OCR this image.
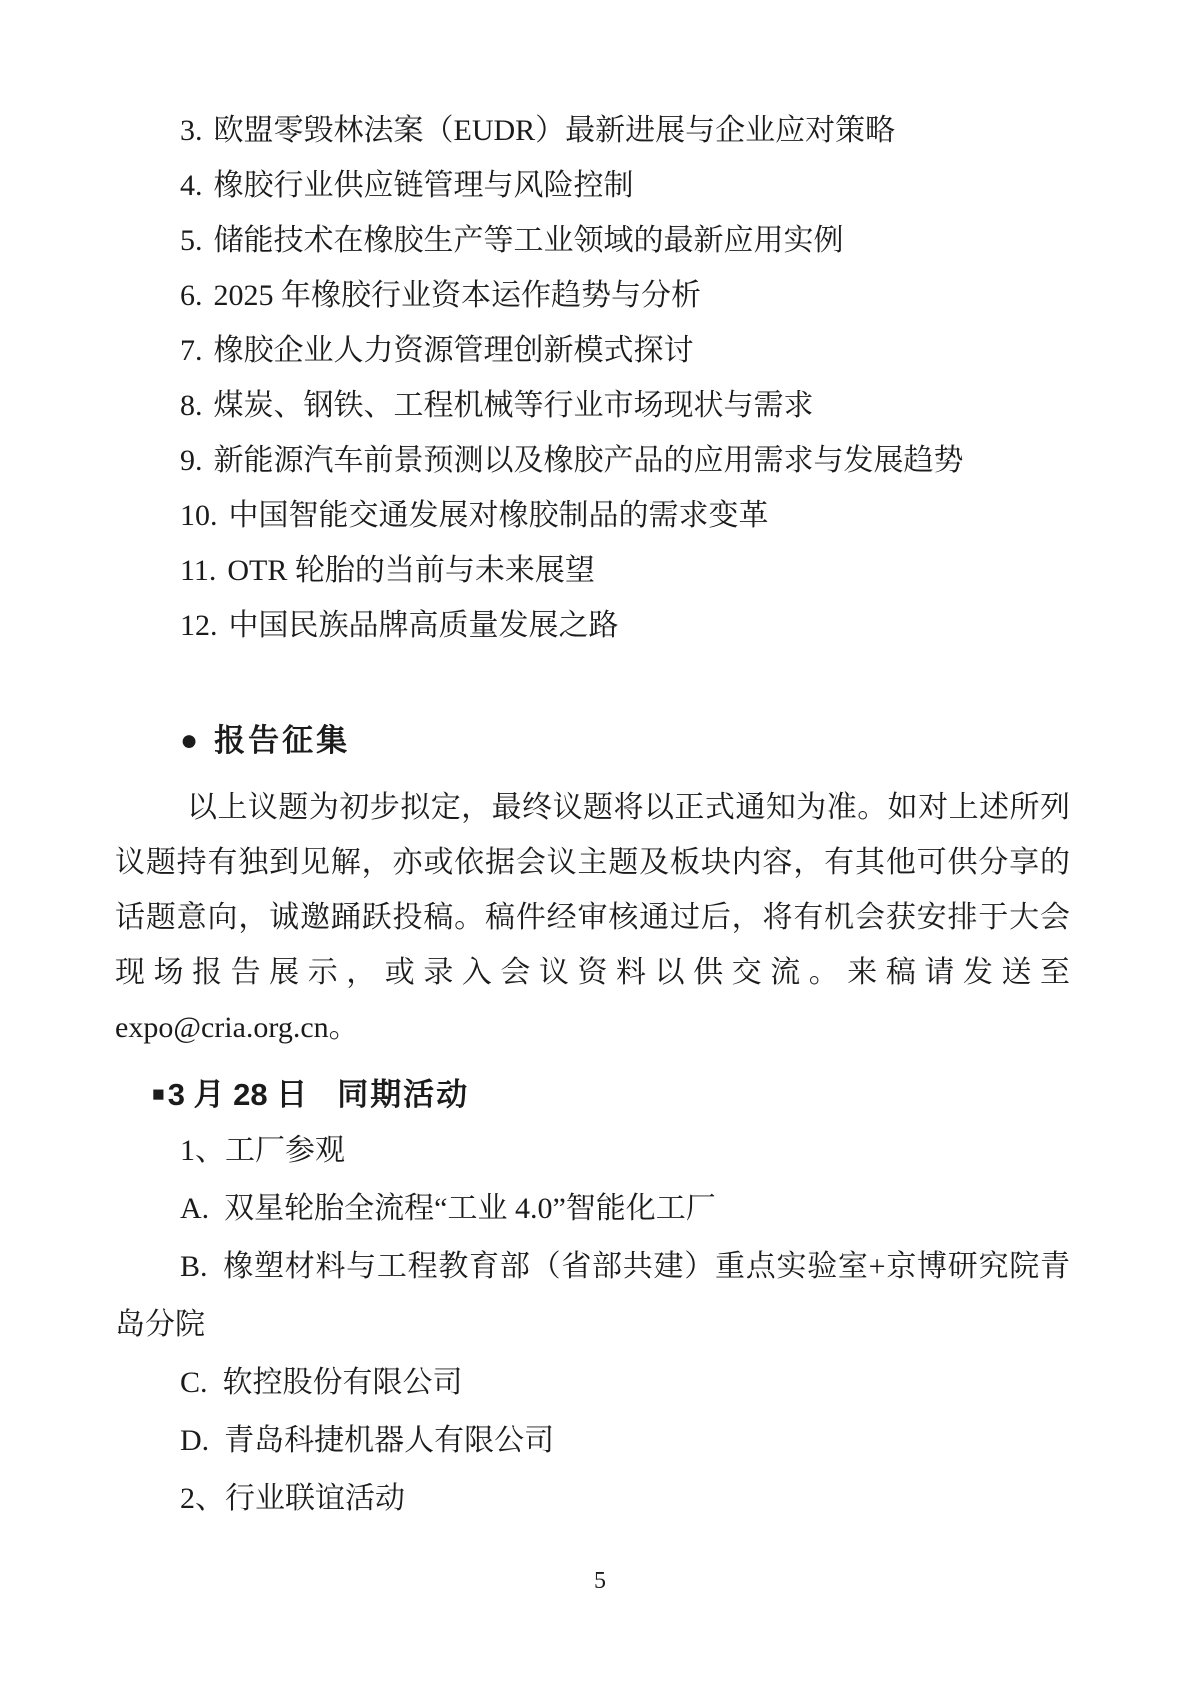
3. 欧盟零毁林法案（EUDR）最新进展与企业应对策略
4. 橡胶行业供应链管理与风险控制
5. 储能技术在橡胶生产等工业领域的最新应用实例
6. 2025 年橡胶行业资本运作趋势与分析
7. 橡胶企业人力资源管理创新模式探讨
8. 煤炭、钢铁、工程机械等行业市场现状与需求
9. 新能源汽车前景预测以及橡胶产品的应用需求与发展趋势
10. 中国智能交通发展对橡胶制品的需求变革
11. OTR 轮胎的当前与未来展望
12. 中国民族品牌高质量发展之路
● 报告征集
以上议题为初步拟定，最终议题将以正式通知为准。如对上述所列
议题持有独到见解，亦或依据会议主题及板块内容，有其他可供分享的
话题意向，诚邀踊跃投稿。稿件经审核通过后，将有机会获安排于大会
现场报告展示，或录入会议资料以供交流。来稿请发送至
expo@cria.org.cn。
■3 月 28 日 同期活动
1、工厂参观
A. 双星轮胎全流程“工业 4.0”智能化工厂
B. 橡塑材料与工程教育部（省部共建）重点实验室+京博研究院青
岛分院
C. 软控股份有限公司
D. 青岛科捷机器人有限公司
2、行业联谊活动
5
